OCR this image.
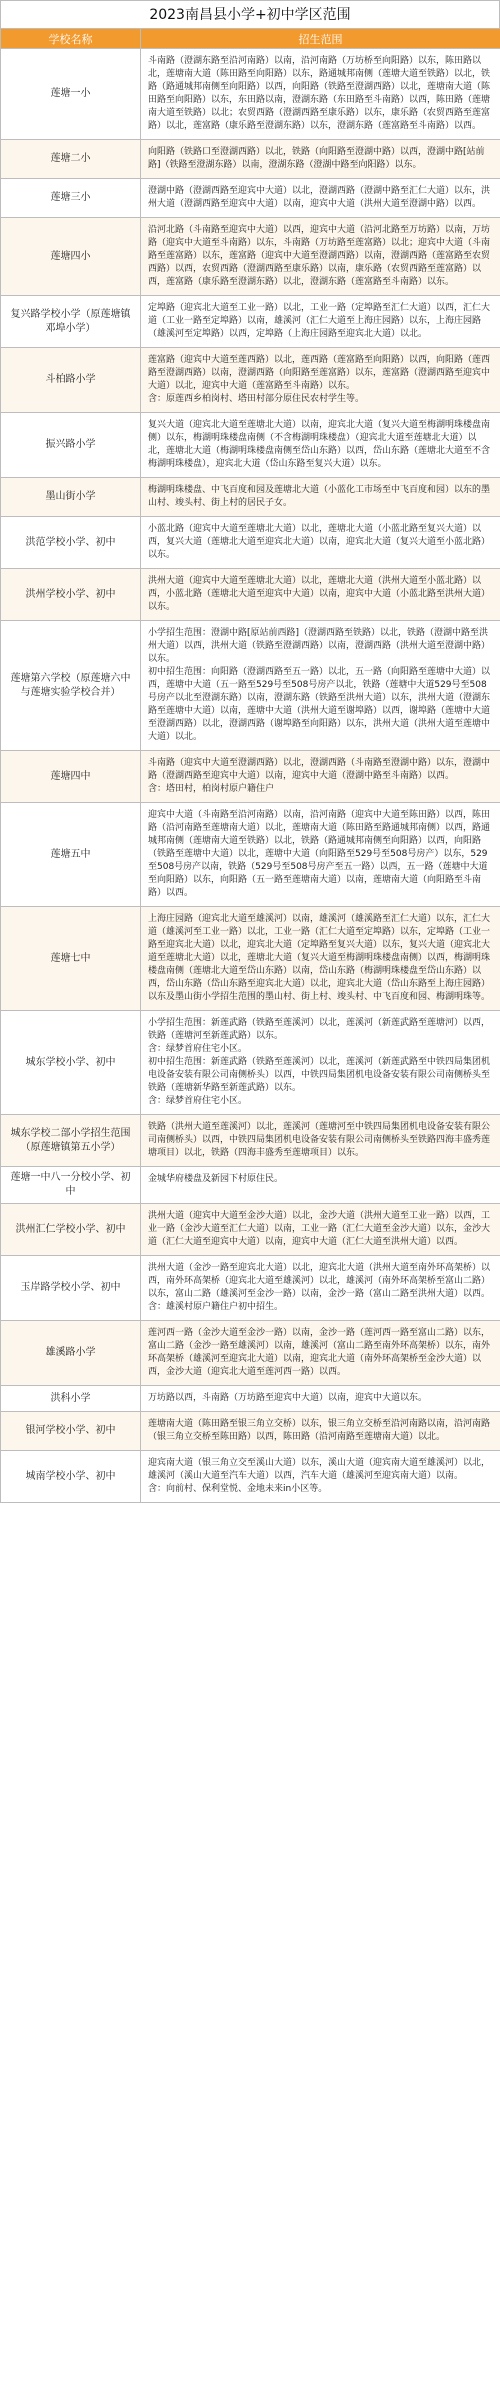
2023南昌县小学+初中学区范围
学校名称	招生范围
莲塘一小	斗南路（澄湖东路至沿河南路）以南，沿河南路（万坊桥至向阳路）以东，陈田路以北，莲塘南大道（陈田路至向阳路）以东，路通城邦南侧（莲塘大道至铁路）以北，铁路（路通城邦南侧至向阳路）以西，向阳路（铁路至澄湖西路）以北，莲塘南大道（陈田路至向阳路）以东，东田路以南，澄湖东路（东田路至斗南路）以西，陈田路（莲塘南大道至铁路）以北；农贸西路（澄湖西路至康乐路）以东，康乐路（农贸西路至莲富路）以北，莲富路（康乐路至澄湖东路）以东，澄湖东路（莲富路至斗南路）以西。
莲塘二小	向阳路（铁路口至澄湖西路）以北，铁路（向阳路至澄湖中路）以西，澄湖中路[站前路]（铁路至澄湖东路）以南，澄湖东路（澄湖中路至向阳路）以东。
莲塘三小	澄湖中路（澄湖西路至迎宾中大道）以北，澄湖西路（澄湖中路至汇仁大道）以东，洪州大道（澄湖西路至迎宾中大道）以南，迎宾中大道（洪州大道至澄湖中路）以西。
莲塘四小	沿河北路（斗南路至迎宾中大道）以西，迎宾中大道（沿河北路至万坊路）以南，万坊路（迎宾中大道至斗南路）以东，斗南路（万坊路至莲富路）以北；迎宾中大道（斗南路至莲富路）以东，莲富路（迎宾中大道至澄湖西路）以南，澄湖西路（莲富路至农贸西路）以西，农贸西路（澄湖西路至康乐路）以南，康乐路（农贸西路至莲富路）以西，莲富路（康乐路至澄湖东路）以北，澄湖东路（莲富路至斗南路）以东。
复兴路学校小学（原莲塘镇邓埠小学）	定埠路（迎宾北大道至工业一路）以北，工业一路（定埠路至汇仁大道）以西，汇仁大道（工业一路至定埠路）以南，雄溪河（汇仁大道至上海庄园路）以东，上海庄园路（雄溪河至定埠路）以西，定埠路（上海庄园路至迎宾北大道）以北。
斗柏路小学	莲富路（迎宾中大道至莲西路）以北，莲西路（莲富路至向阳路）以西，向阳路（莲西路至澄湖西路）以南，澄湖西路（向阳路至莲富路）以东，莲富路（澄湖西路至迎宾中大道）以北，迎宾中大道（莲富路至斗南路）以东。
含：原莲西乡柏岗村、塔田村部分原住民农村学生等。
振兴路小学	复兴大道（迎宾北大道至莲塘北大道）以南，迎宾北大道（复兴大道至梅湖明珠楼盘南侧）以东，梅湖明珠楼盘南侧（不含梅湖明珠楼盘）（迎宾北大道至莲塘北大道）以北，莲塘北大道（梅湖明珠楼盘南侧至岱山东路）以西，岱山东路（莲塘北大道至不含梅湖明珠楼盘），迎宾北大道（岱山东路至复兴大道）以东。
墨山街小学	梅湖明珠楼盘、中飞百度和园及莲塘北大道（小蓝化工市场至中飞百度和园）以东的墨山村、竣头村、街上村的居民子女。
洪范学校小学、初中	小蓝北路（迎宾中大道至莲塘北大道）以北，莲塘北大道（小蓝北路至复兴大道）以西，复兴大道（莲塘北大道至迎宾北大道）以南，迎宾北大道（复兴大道至小蓝北路）以东。
洪州学校小学、初中	洪州大道（迎宾中大道至莲塘北大道）以北，莲塘北大道（洪州大道至小蓝北路）以西，小蓝北路（莲塘北大道至迎宾中大道）以南，迎宾中大道（小蓝北路至洪州大道）以东。
莲塘第六学校（原莲塘六中与莲塘实验学校合并）	小学招生范围：澄湖中路[原站前西路]（澄湖西路至铁路）以北，铁路（澄湖中路至洪州大道）以西，洪州大道（铁路至澄湖西路）以南，澄湖西路（洪州大道至澄湖中路）以东。
初中招生范围：向阳路（澄湖西路至五一路）以北，五一路（向阳路至莲塘中大道）以西，莲塘中大道（五一路至529号至508号房产以北，铁路（莲塘中大道529号至508号房产以北至澄湖东路）以南，澄湖东路（铁路至洪州大道）以东，洪州大道（澄湖东路至莲塘中大道）以南，莲塘中大道（洪州大道至谢埠路）以西，谢埠路（莲塘中大道至澄湖西路）以北，澄湖西路（谢埠路至向阳路）以东，洪州大道（洪州大道至莲塘中大道）以北。
莲塘四中	斗南路（迎宾中大道至澄湖西路）以北，澄湖西路（斗南路至澄湖中路）以东，澄湖中路（澄湖西路至迎宾中大道）以南，迎宾中大道（澄湖中路至斗南路）以西。
含：塔田村，柏岗村原户籍住户
莲塘五中	迎宾中大道（斗南路至沿河南路）以南，沿河南路（迎宾中大道至陈田路）以西，陈田路（沿河南路至莲塘南大道）以北，莲塘南大道（陈田路至路通城邦南侧）以西，路通城邦南侧（莲塘南大道至铁路）以北，铁路（路通城邦南侧至向阳路）以西，向阳路（铁路至莲塘中大道）以北，莲塘中大道（向阳路至529号至508号房产）以东，529至508号房产以南，铁路（529号至508号房产至五一路）以西，五一路（莲塘中大道至向阳路）以东，向阳路（五一路至莲塘南大道）以南，莲塘南大道（向阳路至斗南路）以西。
莲塘七中	上海庄园路（迎宾北大道至雄溪河）以南，雄溪河（雄溪路至汇仁大道）以东，汇仁大道（雄溪河至工业一路）以北，工业一路（汇仁大道至定埠路）以东，定埠路（工业一路至迎宾北大道）以北，迎宾北大道（定埠路至复兴大道）以东，复兴大道（迎宾北大道至莲塘北大道）以北，莲塘北大道（复兴大道至梅湖明珠楼盘南侧）以西，梅湖明珠楼盘南侧（莲塘北大道至岱山东路）以南，岱山东路（梅湖明珠楼盘至岱山东路）以西，岱山东路（岱山东路至迎宾北大道）以北，迎宾北大道（岱山东路至上海庄园路）以东及墨山街小学招生范围的墨山村、街上村、竣头村、中飞百度和园、梅湖明珠等。
城东学校小学、初中	小学招生范围：新莲武路（铁路至莲溪河）以北，莲溪河（新莲武路至莲塘河）以西，铁路（莲塘河至新莲武路）以东。
含：绿梦首府住宅小区。
初中招生范围：新莲武路（铁路至莲溪河）以北，莲溪河（新莲武路至中铁四局集团机电设备安装有限公司南侧桥头）以西，中铁四局集团机电设备安装有限公司南侧桥头至铁路（莲塘新华路至新莲武路）以东。
含：绿梦首府住宅小区。
城东学校二部小学招生范围（原莲塘镇第五小学）	铁路（洪州大道至莲溪河）以北，莲溪河（莲塘河至中铁四局集团机电设备安装有限公司南侧桥头）以西，中铁四局集团机电设备安装有限公司南侧桥头至铁路四海丰盛秀莲塘项目）以北，铁路（四海丰盛秀至莲塘项目）以东。
莲塘一中八一分校小学、初中	金城华府楼盘及新园下村原住民。
洪州汇仁学校小学、初中	洪州大道（迎宾中大道至金沙大道）以北，金沙大道（洪州大道至工业一路）以西，工业一路（金沙大道至汇仁大道）以南，工业一路（汇仁大道至金沙大道）以东，金沙大道（汇仁大道至迎宾中大道）以南，迎宾中大道（汇仁大道至洪州大道）以西。
玉岸路学校小学、初中	洪州大道（金沙一路至迎宾北大道）以北，迎宾北大道（洪州大道至南外环高架桥）以西，南外环高架桥（迎宾北大道至雄溪河）以北，雄溪河（南外环高架桥至富山二路）以东，富山二路（雄溪河至金沙一路）以南，金沙一路（富山二路至洪州大道）以西。
含：雄溪村原户籍住户初中招生。
雄溪路小学	莲河西一路（金沙大道至金沙一路）以南，金沙一路（莲河西一路至富山二路）以东，富山二路（金沙一路至雄溪河）以南，雄溪河（富山二路至南外环高架桥）以东，南外环高架桥（雄溪河至迎宾北大道）以南，迎宾北大道（南外环高架桥至金沙大道）以西，金沙大道（迎宾北大道至莲河西一路）以西。
洪科小学	万坊路以西，斗南路（万坊路至迎宾中大道）以南，迎宾中大道以东。
银河学校小学、初中	莲塘南大道（陈田路至银三角立交桥）以东，银三角立交桥至沿河南路以南，沿河南路（银三角立交桥至陈田路）以西，陈田路（沿河南路至莲塘南大道）以北。
城南学校小学、初中	迎宾南大道（银三角立交至溪山大道）以东，溪山大道（迎宾南大道至雄溪河）以北，雄溪河（溪山大道至汽车大道）以西，汽车大道（雄溪河至迎宾南大道）以南。
含：向前村、保利堂悦、金地未来in小区等。
